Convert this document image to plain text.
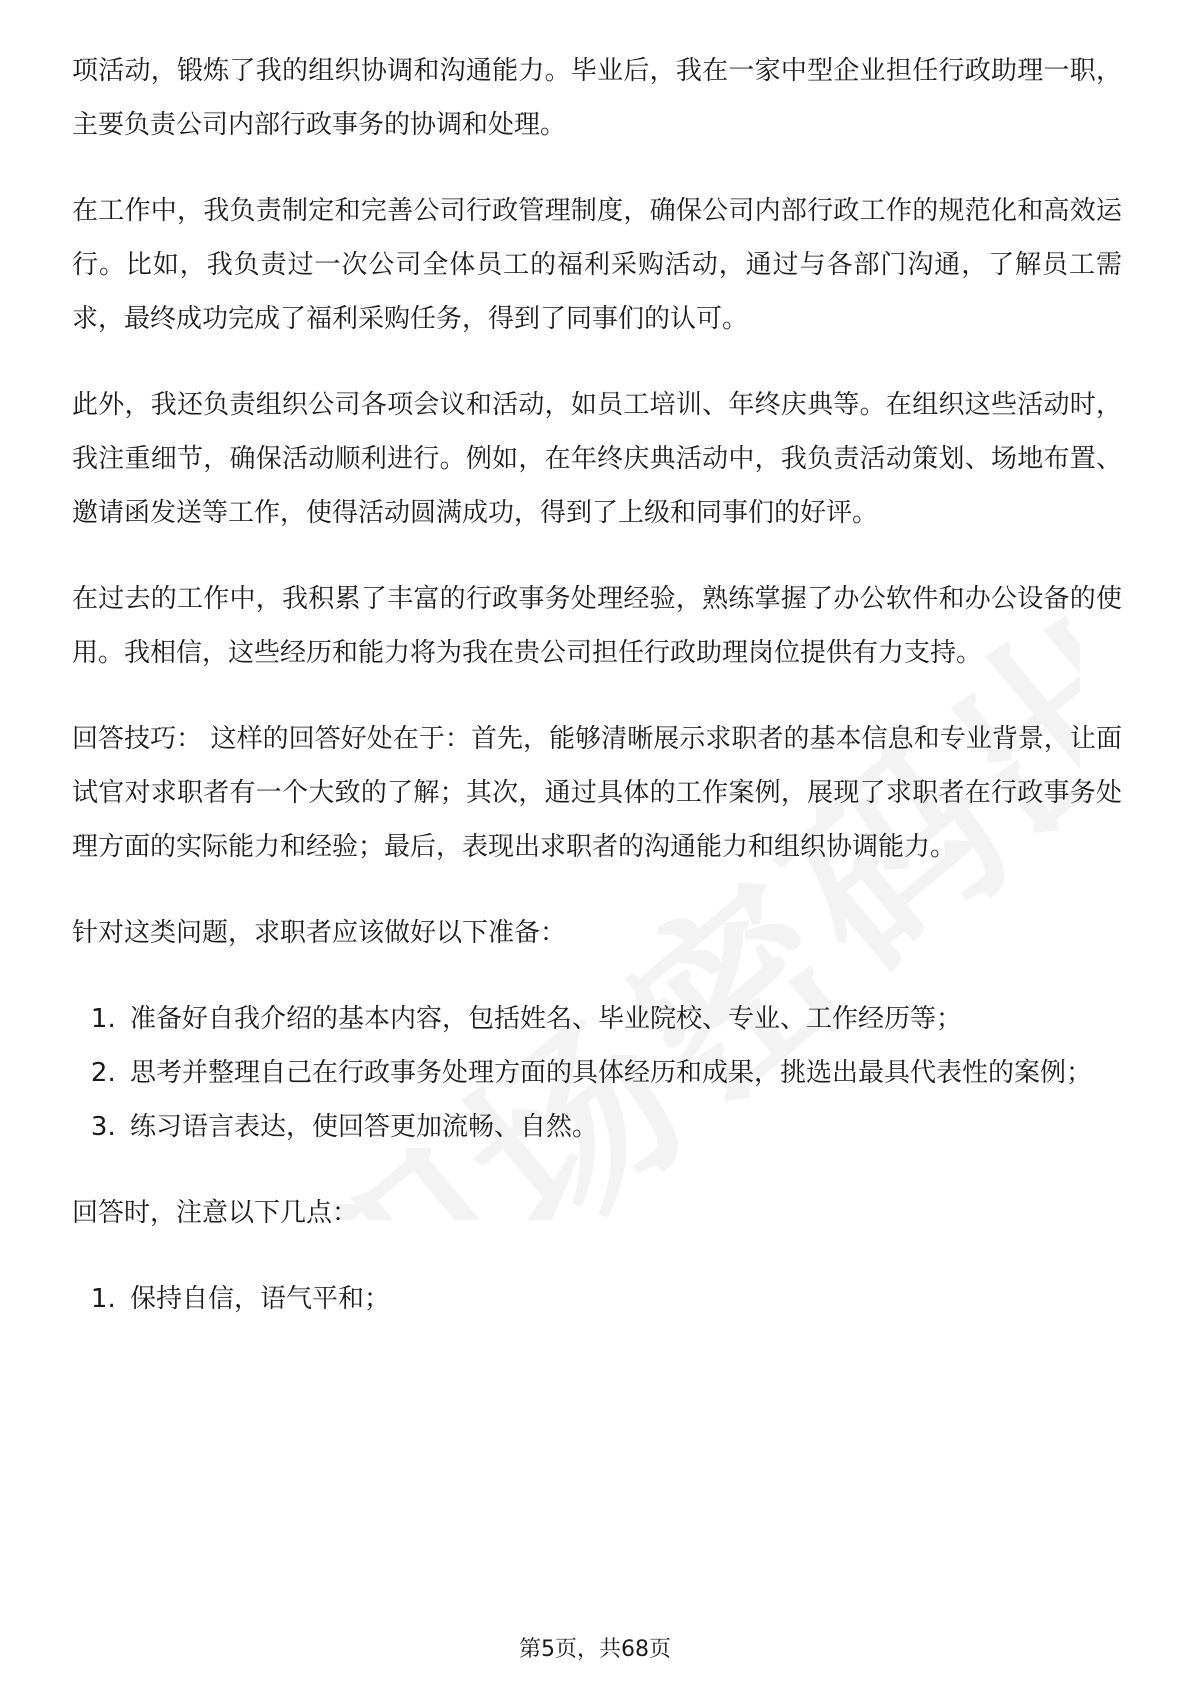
项活动，锻炼了我的组织协调和沟通能力。毕业后，我在一家中型企业担任行政助理一职，主要负责公司内部行政事务的协调和处理。

在工作中，我负责制定和完善公司行政管理制度，确保公司内部行政工作的规范化和高效运行。比如，我负责过一次公司全体员工的福利采购活动，通过与各部门沟通，了解员工需求，最终成功完成了福利采购任务，得到了同事们的认可。

此外，我还负责组织公司各项会议和活动，如员工培训、年终庆典等。在组织这些活动时，我注重细节，确保活动顺利进行。例如，在年终庆典活动中，我负责活动策划、场地布置、邀请函发送等工作，使得活动圆满成功，得到了上级和同事们的好评。

在过去的工作中，我积累了丰富的行政事务处理经验，熟练掌握了办公软件和办公设备的使用。我相信，这些经历和能力将为我在贵公司担任行政助理岗位提供有力支持。

回答技巧： 这样的回答好处在于：首先，能够清晰展示求职者的基本信息和专业背景，让面试官对求职者有一个大致的了解；其次，通过具体的工作案例，展现了求职者在行政事务处理方面的实际能力和经验；最后，表现出求职者的沟通能力和组织协调能力。

针对这类问题，求职者应该做好以下准备：

1. 准备好自我介绍的基本内容，包括姓名、毕业院校、专业、工作经历等；
2. 思考并整理自己在行政事务处理方面的具体经历和成果，挑选出最具代表性的案例；
3. 练习语言表达，使回答更加流畅、自然。

回答时，注意以下几点：

1. 保持自信，语气平和；
第5页，共68页
